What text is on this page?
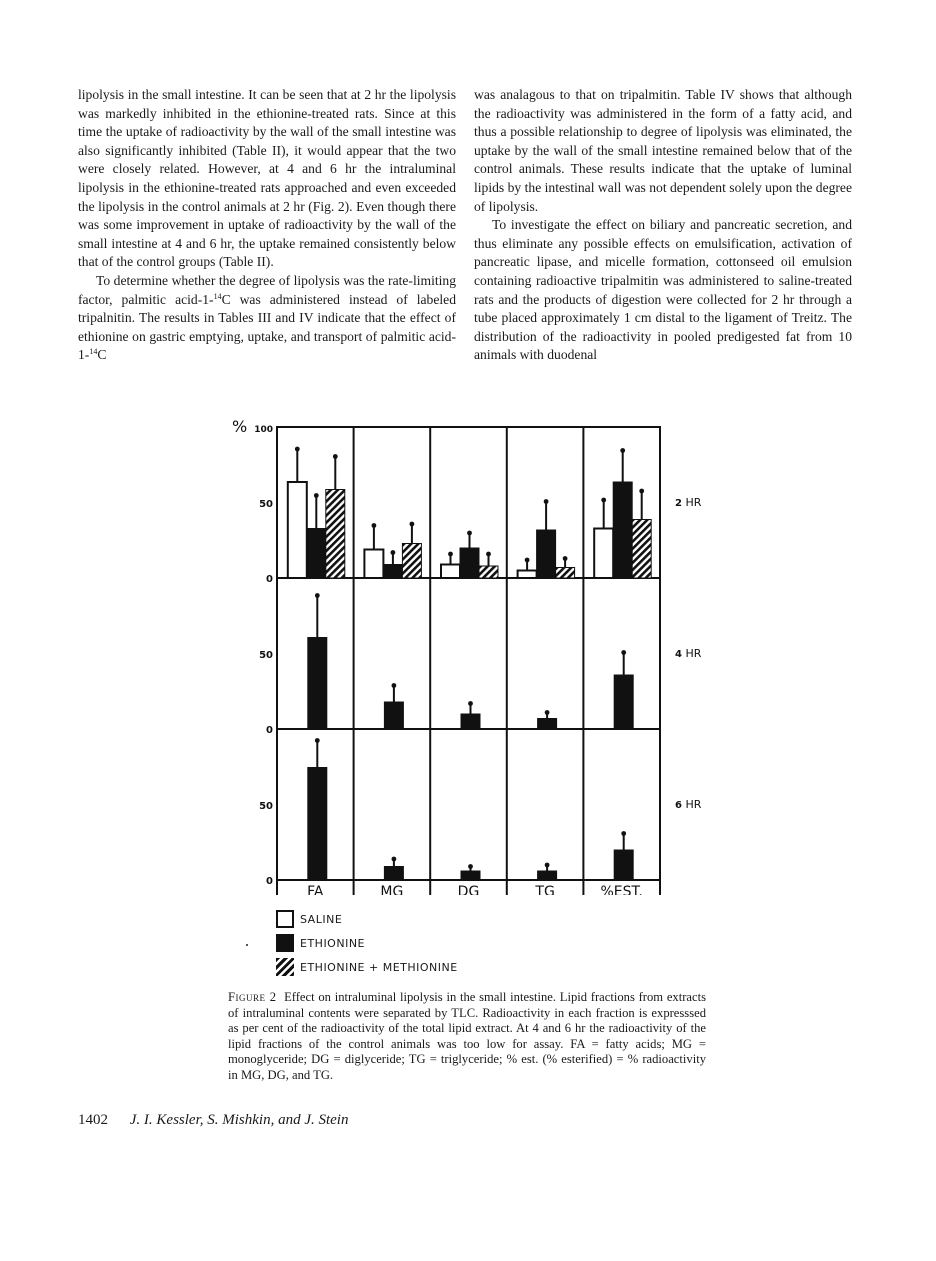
lipolysis in the small intestine. It can be seen that at 2 hr the lipolysis was markedly inhibited in the ethionine-treated rats. Since at this time the uptake of radioactivity by the wall of the small intestine was also significantly inhibited (Table II), it would appear that the two were closely related. However, at 4 and 6 hr the intraluminal lipolysis in the ethionine-treated rats approached and even exceeded the lipolysis in the control animals at 2 hr (Fig. 2). Even though there was some improvement in uptake of radioactivity by the wall of the small intestine at 4 and 6 hr, the uptake remained consistently below that of the control groups (Table II).

To determine whether the degree of lipolysis was the rate-limiting factor, palmitic acid-1-$^{14}$C was administered instead of labeled tripalnitin. The results in Tables III and IV indicate that the effect of ethionine on gastric emptying, uptake, and transport of palmitic acid-1-$^{14}$C

was analagous to that on tripalmitin. Table IV shows that although the radioactivity was administered in the form of a fatty acid, and thus a possible relationship to degree of lipolysis was eliminated, the uptake by the wall of the small intestine remained below that of the control animals. These results indicate that the uptake of luminal lipids by the intestinal wall was not dependent solely upon the degree of lipolysis.

To investigate the effect on biliary and pancreatic secretion, and thus eliminate any possible effects on emulsification, activation of pancreatic lipase, and micelle formation, cottonseed oil emulsion containing radioactive tripalmitin was administered to saline-treated rats and the products of digestion were collected for 2 hr through a tube placed approximately 1 cm distal to the ligament of Treitz. The distribution of the radioactivity in pooled predigested fat from 10 animals with duodenal

% 100
50
0
2 HR
50
0
4 HR
50
0
6 HR
FA	MG	DG	TG	%EST.
SALINE
ETHIONINE
ETHIONINE + METHIONINE
Figure 2 Effect on intraluminal lipolysis in the small intestine. Lipid fractions from extracts of intraluminal contents were separated by TLC. Radioactivity in each fraction is expresssed as per cent of the radioactivity of the total lipid extract. At 4 and 6 hr the radioactivity of the lipid fractions of the control animals was too low for assay. FA = fatty acids; MG = monoglyceride; DG = diglyceride; TG = triglyceride; % est. (% esterified) = % radioactivity in MG, DG, and TG.
1402 J. I. Kessler, S. Mishkin, and J. Stein
